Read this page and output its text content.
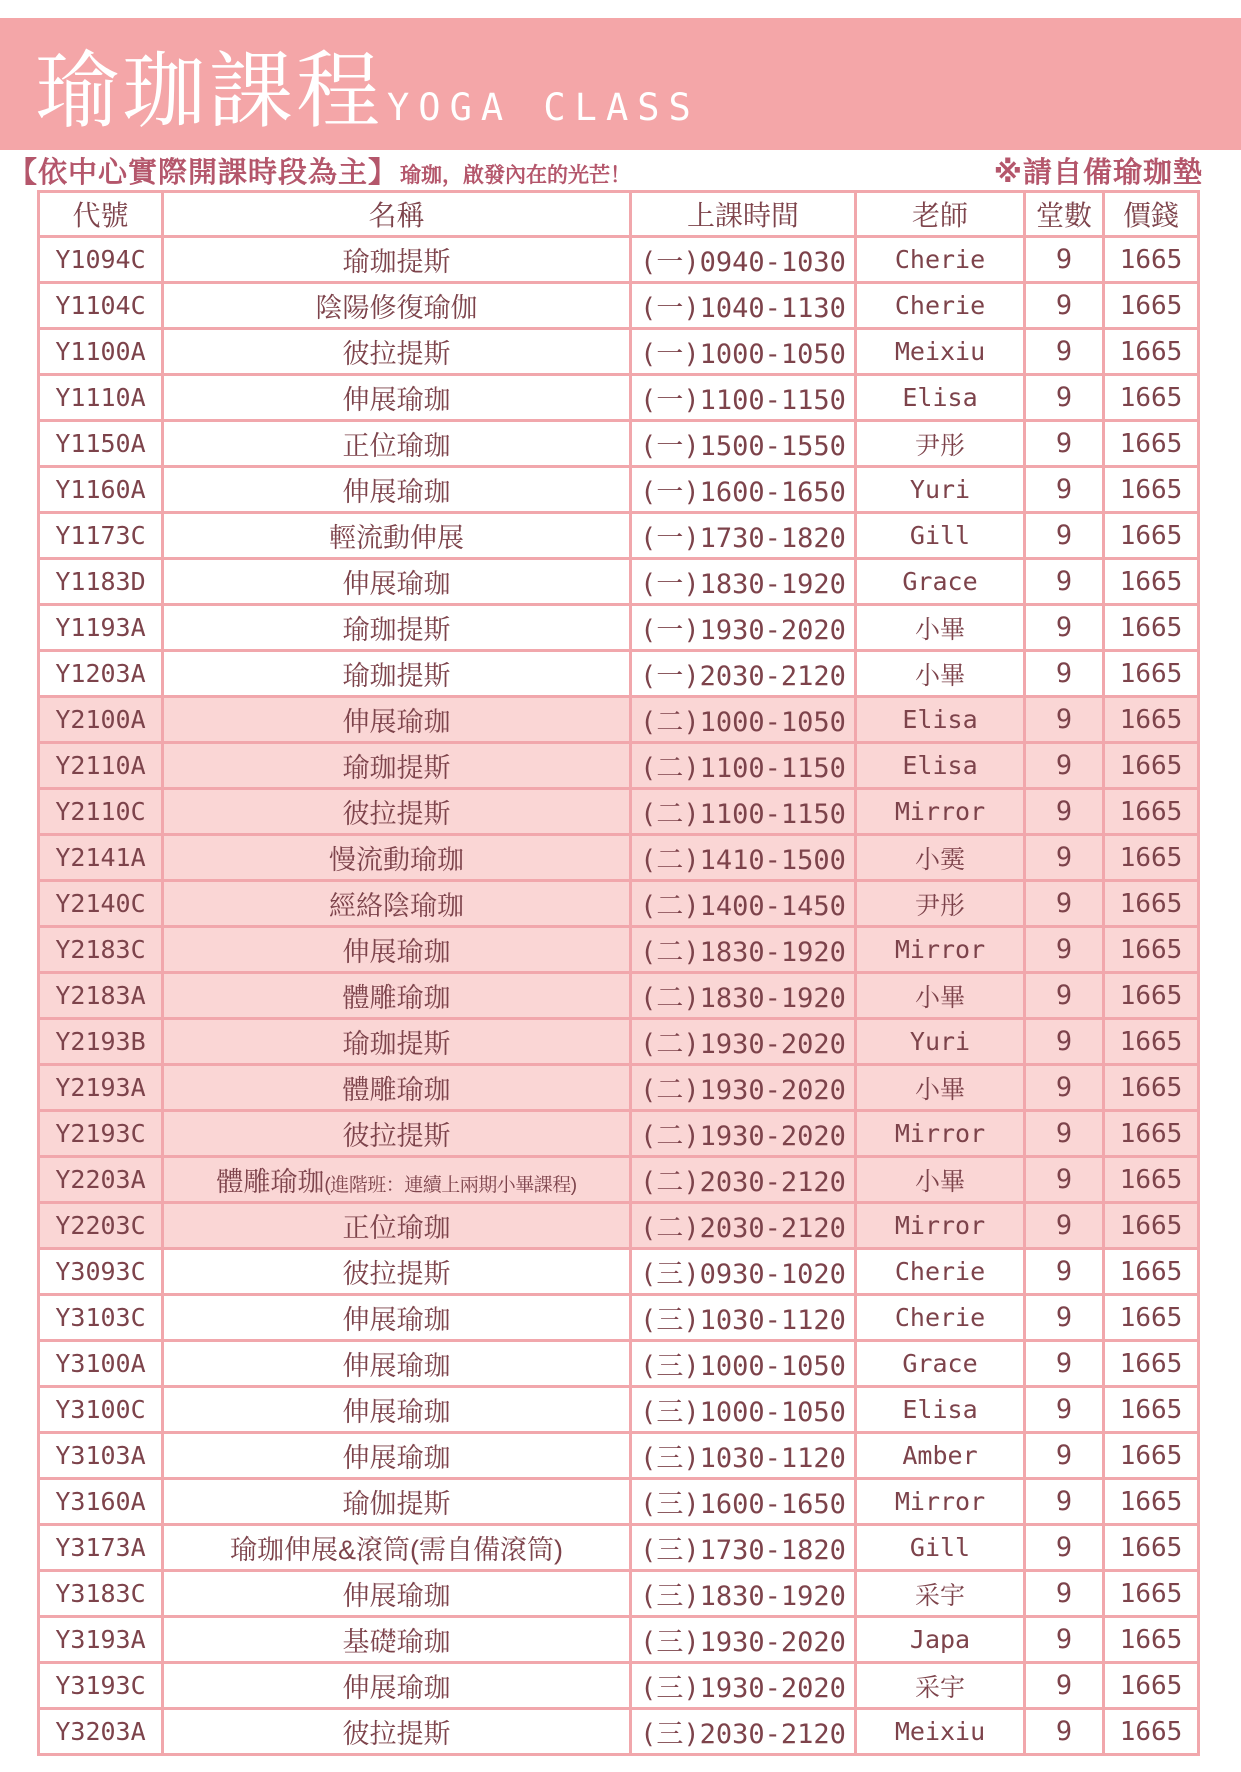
瑜珈課程 YOGA CLASS
【依中心實際開課時段為主】 瑜珈，啟發內在的光芒！	※請自備瑜珈墊
代號	名稱	上課時間	老師	堂數	價錢
Y1094C	瑜珈提斯	(一)0940-1030	Cherie	9	1665
Y1104C	陰陽修復瑜伽	(一)1040-1130	Cherie	9	1665
Y1100A	彼拉提斯	(一)1000-1050	Meixiu	9	1665
Y1110A	伸展瑜珈	(一)1100-1150	Elisa	9	1665
Y1150A	正位瑜珈	(一)1500-1550	尹彤	9	1665
Y1160A	伸展瑜珈	(一)1600-1650	Yuri	9	1665
Y1173C	輕流動伸展	(一)1730-1820	Gill	9	1665
Y1183D	伸展瑜珈	(一)1830-1920	Grace	9	1665
Y1193A	瑜珈提斯	(一)1930-2020	小畢	9	1665
Y1203A	瑜珈提斯	(一)2030-2120	小畢	9	1665
Y2100A	伸展瑜珈	(二)1000-1050	Elisa	9	1665
Y2110A	瑜珈提斯	(二)1100-1150	Elisa	9	1665
Y2110C	彼拉提斯	(二)1100-1150	Mirror	9	1665
Y2141A	慢流動瑜珈	(二)1410-1500	小霙	9	1665
Y2140C	經絡陰瑜珈	(二)1400-1450	尹彤	9	1665
Y2183C	伸展瑜珈	(二)1830-1920	Mirror	9	1665
Y2183A	體雕瑜珈	(二)1830-1920	小畢	9	1665
Y2193B	瑜珈提斯	(二)1930-2020	Yuri	9	1665
Y2193A	體雕瑜珈	(二)1930-2020	小畢	9	1665
Y2193C	彼拉提斯	(二)1930-2020	Mirror	9	1665
Y2203A	體雕瑜珈(進階班：連續上兩期小畢課程)	(二)2030-2120	小畢	9	1665
Y2203C	正位瑜珈	(二)2030-2120	Mirror	9	1665
Y3093C	彼拉提斯	(三)0930-1020	Cherie	9	1665
Y3103C	伸展瑜珈	(三)1030-1120	Cherie	9	1665
Y3100A	伸展瑜珈	(三)1000-1050	Grace	9	1665
Y3100C	伸展瑜珈	(三)1000-1050	Elisa	9	1665
Y3103A	伸展瑜珈	(三)1030-1120	Amber	9	1665
Y3160A	瑜伽提斯	(三)1600-1650	Mirror	9	1665
Y3173A	瑜珈伸展&滾筒(需自備滾筒)	(三)1730-1820	Gill	9	1665
Y3183C	伸展瑜珈	(三)1830-1920	采宇	9	1665
Y3193A	基礎瑜珈	(三)1930-2020	Japa	9	1665
Y3193C	伸展瑜珈	(三)1930-2020	采宇	9	1665
Y3203A	彼拉提斯	(三)2030-2120	Meixiu	9	1665
